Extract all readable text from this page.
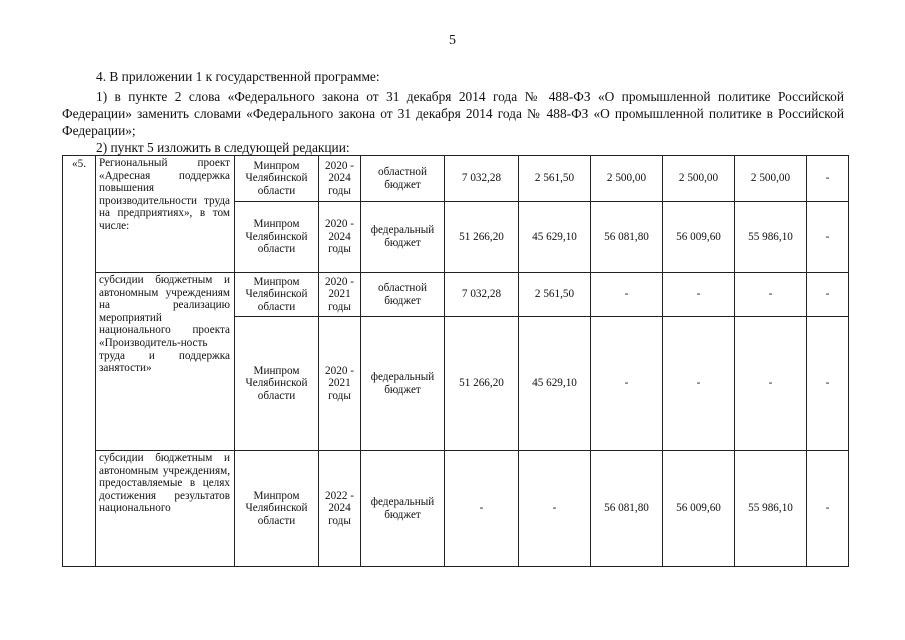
5
4. В приложении 1 к государственной программе:
1) в пункте 2 слова «Федерального закона от 31 декабря 2014 года № 488-ФЗ «О промышленной политике Российской Федерации» заменить словами «Федерального закона от 31 декабря 2014 года № 488-ФЗ «О промышленной политике в Российской Федерации»;
2) пункт 5 изложить в следующей редакции:
«5.	Региональный проект «Адресная поддержка повышения производительности труда на предприятиях», в том числе:	Минпром Челябинской области	2020 - 2024 годы	областной бюджет	7 032,28	2 561,50	2 500,00	2 500,00	2 500,00	-
		Минпром Челябинской области	2020 - 2024 годы	федеральный бюджет	51 266,20	45 629,10	56 081,80	56 009,60	55 986,10	-
	субсидии бюджетным и автономным учреждениям на реализацию мероприятий национального проекта «Производитель-ность труда и поддержка занятости»	Минпром Челябинской области	2020 - 2021 годы	областной бюджет	7 032,28	2 561,50	-	-	-	-
		Минпром Челябинской области	2020 - 2021 годы	федеральный бюджет	51 266,20	45 629,10	-	-	-	-
	субсидии бюджетным и автономным учреждениям, предоставляемые в целях достижения результатов национального	Минпром Челябинской области	2022 - 2024 годы	федеральный бюджет	-	-	56 081,80	56 009,60	55 986,10	-
